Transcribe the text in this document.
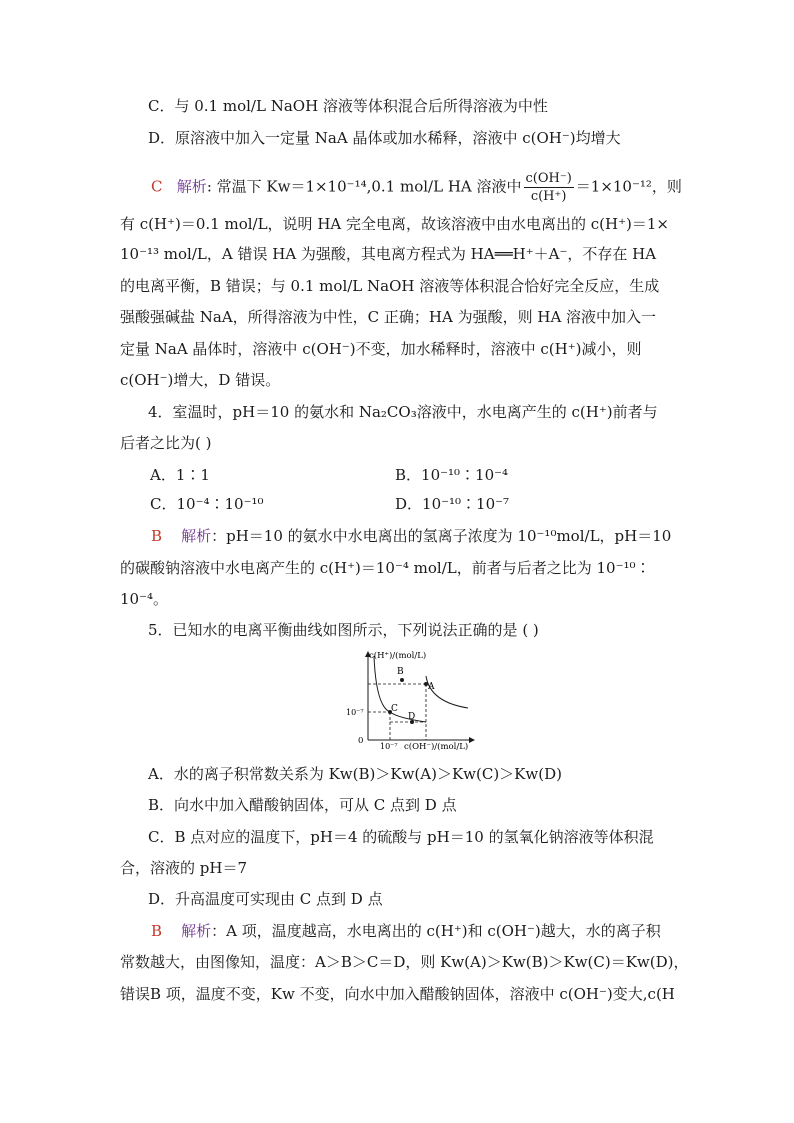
C．与 0.1 mol/L NaOH 溶液等体积混合后所得溶液为中性
D．原溶液中加入一定量 NaA 晶体或加水稀释，溶液中 c(OH⁻)均增大
C 解析: 常温下 Kw＝1×10⁻¹⁴,0.1 mol/L HA 溶液中 $\frac{c(OH^-)}{c(H^+)} =1\times 10^{-12}$，则
有 c(H⁺)＝0.1 mol/L，说明 HA 完全电离，故该溶液中由水电离出的 c(H⁺)＝1×
10⁻¹³ mol/L，A 错误 HA 为强酸，其电离方程式为 HA══H⁺＋A⁻，不存在 HA
的电离平衡，B 错误；与 0.1 mol/L NaOH 溶液等体积混合恰好完全反应，生成
强酸强碱盐 NaA，所得溶液为中性，C 正确；HA 为强酸，则 HA 溶液中加入一
定量 NaA 晶体时，溶液中 c(OH⁻)不变，加水稀释时，溶液中 c(H⁺)减小，则
c(OH⁻)增大，D 错误。
4．室温时，pH＝10 的氨水和 Na₂CO₃溶液中，水电离产生的 c(H⁺)前者与
后者之比为( )
A．1∶1	B．10⁻¹⁰∶10⁻⁴
C．10⁻⁴∶10⁻¹⁰	D．10⁻¹⁰∶10⁻⁷
B 解析：pH＝10 的氨水中水电离出的氢离子浓度为 10⁻¹⁰mol/L，pH＝10
的碳酸钠溶液中水电离产生的 c(H⁺)＝10⁻⁴ mol/L，前者与后者之比为 10⁻¹⁰∶
10⁻⁴。
5．已知水的电离平衡曲线如图所示，下列说法正确的是 ( )
c(H⁺)/(mol/L)
c(OH⁻)/(mol/L)
10⁻⁷
10⁻⁷
0
A
B
C
D
A．水的离子积常数关系为 Kw(B)＞Kw(A)＞Kw(C)＞Kw(D)
B．向水中加入醋酸钠固体，可从 C 点到 D 点
C．B 点对应的温度下，pH＝4 的硫酸与 pH＝10 的氢氧化钠溶液等体积混
合，溶液的 pH＝7
D．升高温度可实现由 C 点到 D 点
B 解析：A 项，温度越高，水电离出的 c(H⁺)和 c(OH⁻)越大，水的离子积
常数越大，由图像知，温度：A＞B＞C＝D，则 Kw(A)＞Kw(B)＞Kw(C)＝Kw(D)，
错误B 项，温度不变，Kw 不变，向水中加入醋酸钠固体，溶液中 c(OH⁻)变大,c(H
